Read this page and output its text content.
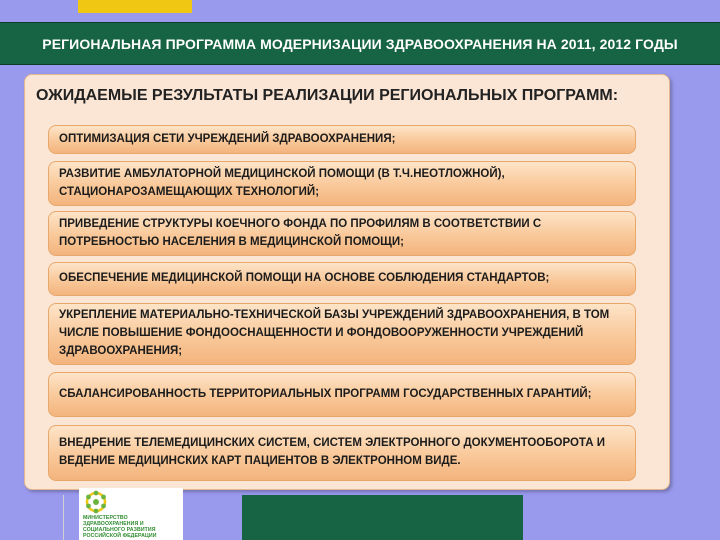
РЕГИОНАЛЬНАЯ ПРОГРАММА МОДЕРНИЗАЦИИ ЗДРАВООХРАНЕНИЯ НА 2011, 2012 ГОДЫ
ОЖИДАЕМЫЕ РЕЗУЛЬТАТЫ РЕАЛИЗАЦИИ РЕГИОНАЛЬНЫХ ПРОГРАММ:
ОПТИМИЗАЦИЯ СЕТИ УЧРЕЖДЕНИЙ ЗДРАВООХРАНЕНИЯ;
РАЗВИТИЕ АМБУЛАТОРНОЙ МЕДИЦИНСКОЙ ПОМОЩИ (В Т.Ч.НЕОТЛОЖНОЙ), СТАЦИОНАРОЗАМЕЩАЮЩИХ ТЕХНОЛОГИЙ;
ПРИВЕДЕНИЕ СТРУКТУРЫ КОЕЧНОГО ФОНДА ПО ПРОФИЛЯМ В СООТВЕТСТВИИ С ПОТРЕБНОСТЬЮ НАСЕЛЕНИЯ В МЕДИЦИНСКОЙ ПОМОЩИ;
ОБЕСПЕЧЕНИЕ МЕДИЦИНСКОЙ ПОМОЩИ НА ОСНОВЕ СОБЛЮДЕНИЯ СТАНДАРТОВ;
УКРЕПЛЕНИЕ МАТЕРИАЛЬНО-ТЕХНИЧЕСКОЙ БАЗЫ УЧРЕЖДЕНИЙ ЗДРАВООХРАНЕНИЯ, В ТОМ ЧИСЛЕ ПОВЫШЕНИЕ ФОНДООСНАЩЕННОСТИ И ФОНДОВООРУЖЕННОСТИ УЧРЕЖДЕНИЙ ЗДРАВООХРАНЕНИЯ;
СБАЛАНСИРОВАННОСТЬ ТЕРРИТОРИАЛЬНЫХ ПРОГРАММ ГОСУДАРСТВЕННЫХ ГАРАНТИЙ;
ВНЕДРЕНИЕ ТЕЛЕМЕДИЦИНСКИХ СИСТЕМ, СИСТЕМ ЭЛЕКТРОННОГО ДОКУМЕНТООБОРОТА И ВЕДЕНИЕ МЕДИЦИНСКИХ КАРТ ПАЦИЕНТОВ В ЭЛЕКТРОННОМ ВИДЕ.
МИНИСТЕРСТВО ЗДРАВООХРАНЕНИЯ И СОЦИАЛЬНОГО РАЗВИТИЯ РОССИЙСКОЙ ФЕДЕРАЦИИ
